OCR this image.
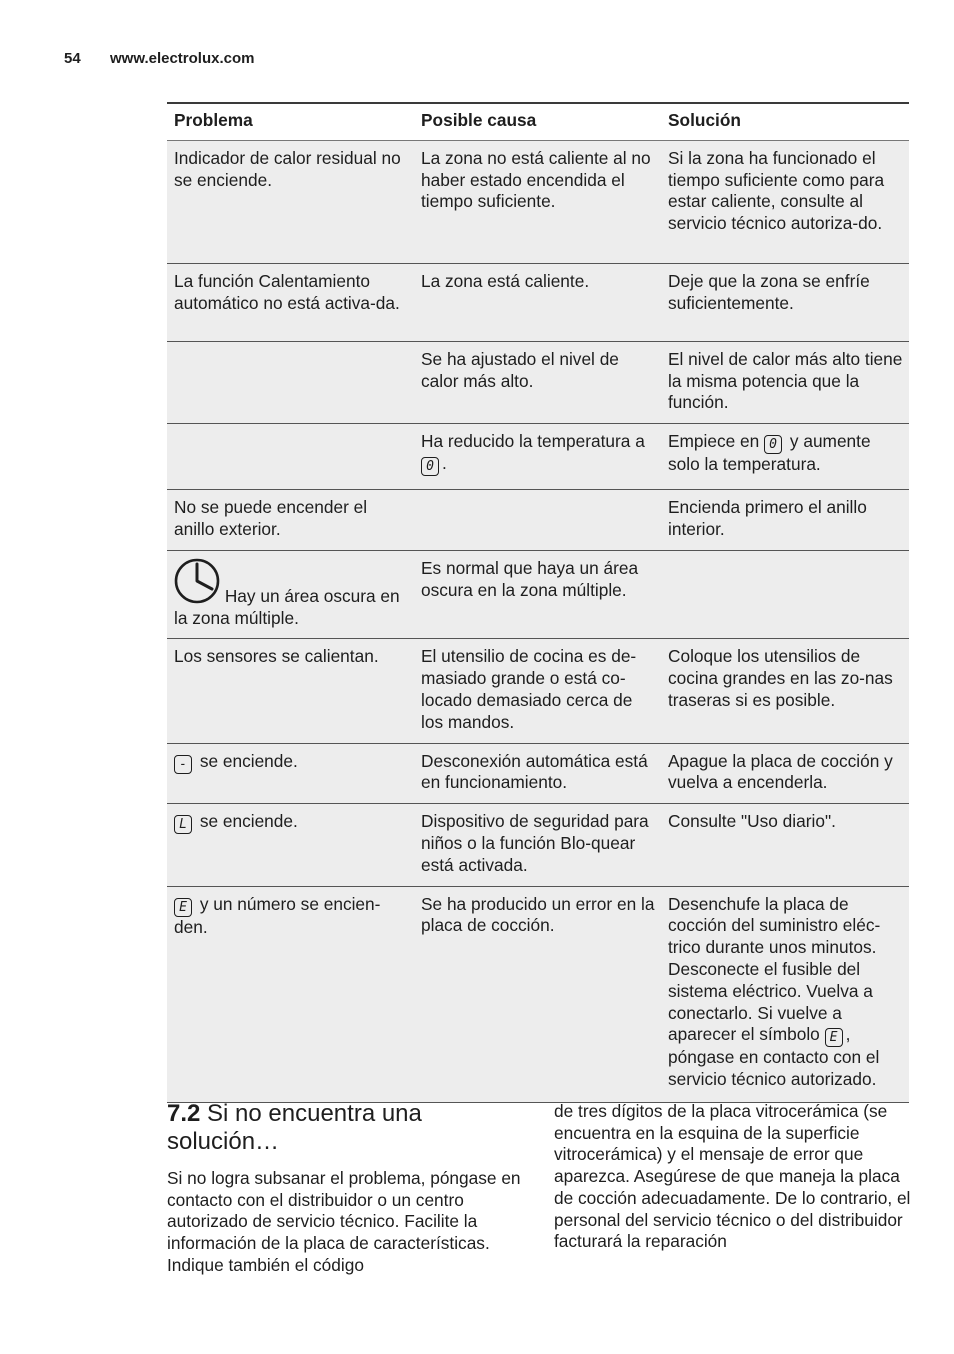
54 www.electrolux.com
Problema	Posible causa	Solución
Indicador de calor residual no se enciende.	La zona no está caliente al no haber estado encendida el tiempo suficiente.	Si la zona ha funcionado el tiempo suficiente como para estar caliente, consulte al servicio técnico autoriza-do.
La función Calentamiento automático no está activa-da.	La zona está caliente.	Deje que la zona se enfríe suficientemente.
	Se ha ajustado el nivel de calor más alto.	El nivel de calor más alto tiene la misma potencia que la función.
	Ha reducido la temperatura a 0 .	Empiece en 0 y aumente solo la temperatura.
No se puede encender el anillo exterior.		Encienda primero el anillo interior.
Hay un área oscura en la zona múltiple.	Es normal que haya un área oscura en la zona múltiple.	
Los sensores se calientan.	El utensilio de cocina es de-masiado grande o está co-locado demasiado cerca de los mandos.	Coloque los utensilios de cocina grandes en las zo-nas traseras si es posible.
- se enciende.	Desconexión automática está en funcionamiento.	Apague la placa de cocción y vuelva a encenderla.
L se enciende.	Dispositivo de seguridad para niños o la función Blo-quear está activada.	Consulte "Uso diario".
E y un número se encien-den.	Se ha producido un error en la placa de cocción.	Desenchufe la placa de cocción del suministro eléc-trico durante unos minutos. Desconecte el fusible del sistema eléctrico. Vuelva a conectarlo. Si vuelve a aparecer el símbolo E , póngase en contacto con el servicio técnico autorizado.
7.2 Si no encuentra una solución…
Si no logra subsanar el problema, póngase en contacto con el distribuidor o un centro autorizado de servicio técnico. Facilite la información de la placa de características. Indique también el código
de tres dígitos de la placa vitrocerámica (se encuentra en la esquina de la superficie vitrocerámica) y el mensaje de error que aparezca. Asegúrese de que maneja la placa de cocción adecuadamente. De lo contrario, el personal del servicio técnico o del distribuidor facturará la reparación
